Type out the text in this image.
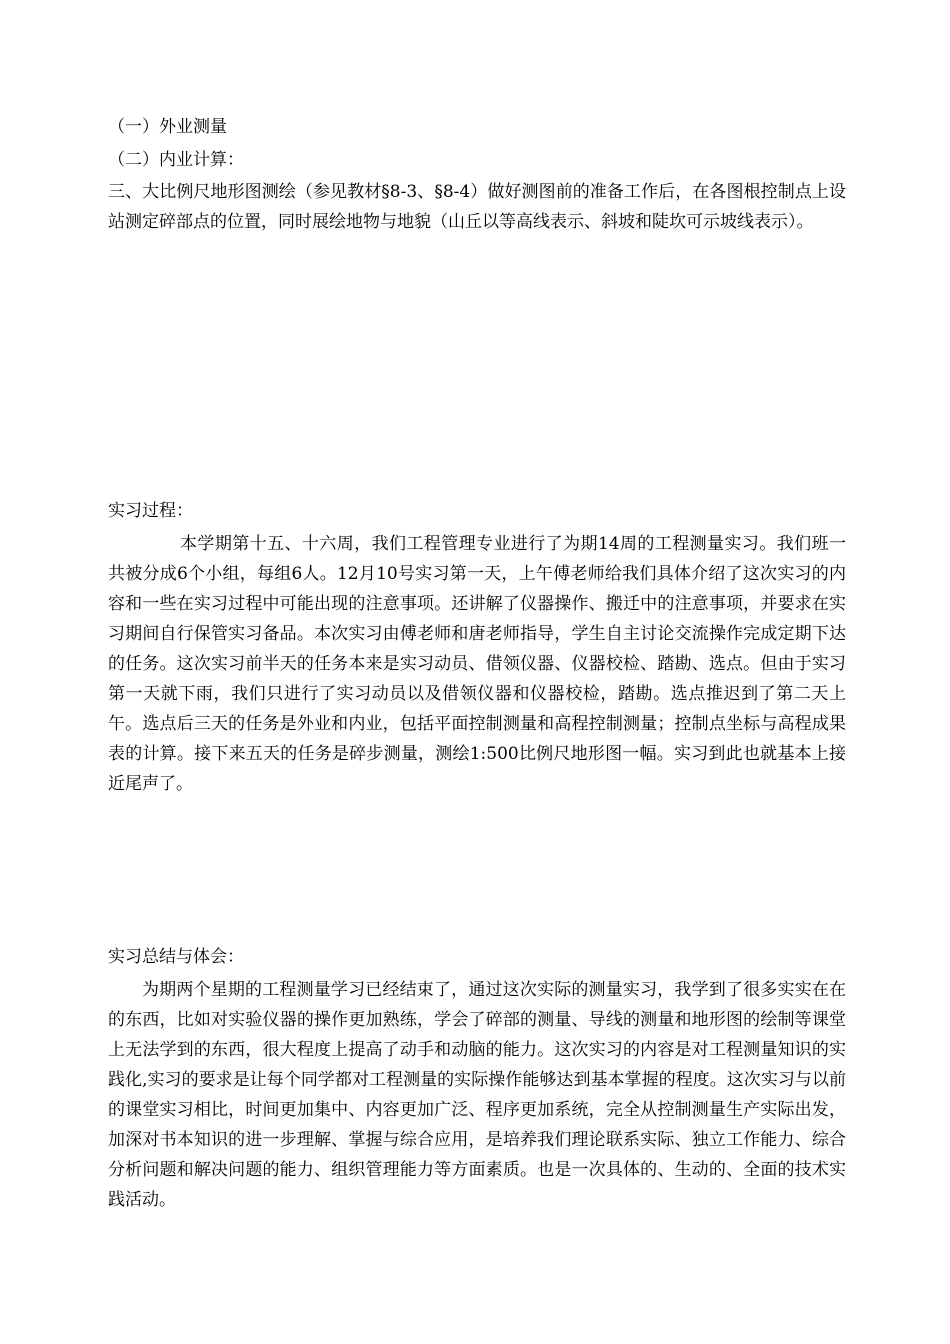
（一）外业测量

（二）内业计算：

三、大比例尺地形图测绘（参见教材§8-3、§8-4）做好测图前的准备工作后，在各图根控制点上设站测定碎部点的位置，同时展绘地物与地貌（山丘以等高线表示、斜坡和陡坎可示坡线表示）。

实习过程：

本学期第十五、十六周，我们工程管理专业进行了为期14周的工程测量实习。我们班一共被分成6个小组，每组6人。12月10号实习第一天，上午傅老师给我们具体介绍了这次实习的内容和一些在实习过程中可能出现的注意事项。还讲解了仪器操作、搬迁中的注意事项，并要求在实习期间自行保管实习备品。本次实习由傅老师和唐老师指导，学生自主讨论交流操作完成定期下达的任务。这次实习前半天的任务本来是实习动员、借领仪器、仪器校检、踏勘、选点。但由于实习第一天就下雨，我们只进行了实习动员以及借领仪器和仪器校检，踏勘。选点推迟到了第二天上午。选点后三天的任务是外业和内业，包括平面控制测量和高程控制测量；控制点坐标与高程成果表的计算。接下来五天的任务是碎步测量，测绘1:500比例尺地形图一幅。实习到此也就基本上接近尾声了。

实习总结与体会：

为期两个星期的工程测量学习已经结束了，通过这次实际的测量实习，我学到了很多实实在在的东西，比如对实验仪器的操作更加熟练，学会了碎部的测量、导线的测量和地形图的绘制等课堂上无法学到的东西，很大程度上提高了动手和动脑的能力。这次实习的内容是对工程测量知识的实践化,实习的要求是让每个同学都对工程测量的实际操作能够达到基本掌握的程度。这次实习与以前的课堂实习相比，时间更加集中、内容更加广泛、程序更加系统，完全从控制测量生产实际出发，加深对书本知识的进一步理解、掌握与综合应用，是培养我们理论联系实际、独立工作能力、综合分析问题和解决问题的能力、组织管理能力等方面素质。也是一次具体的、生动的、全面的技术实践活动。
